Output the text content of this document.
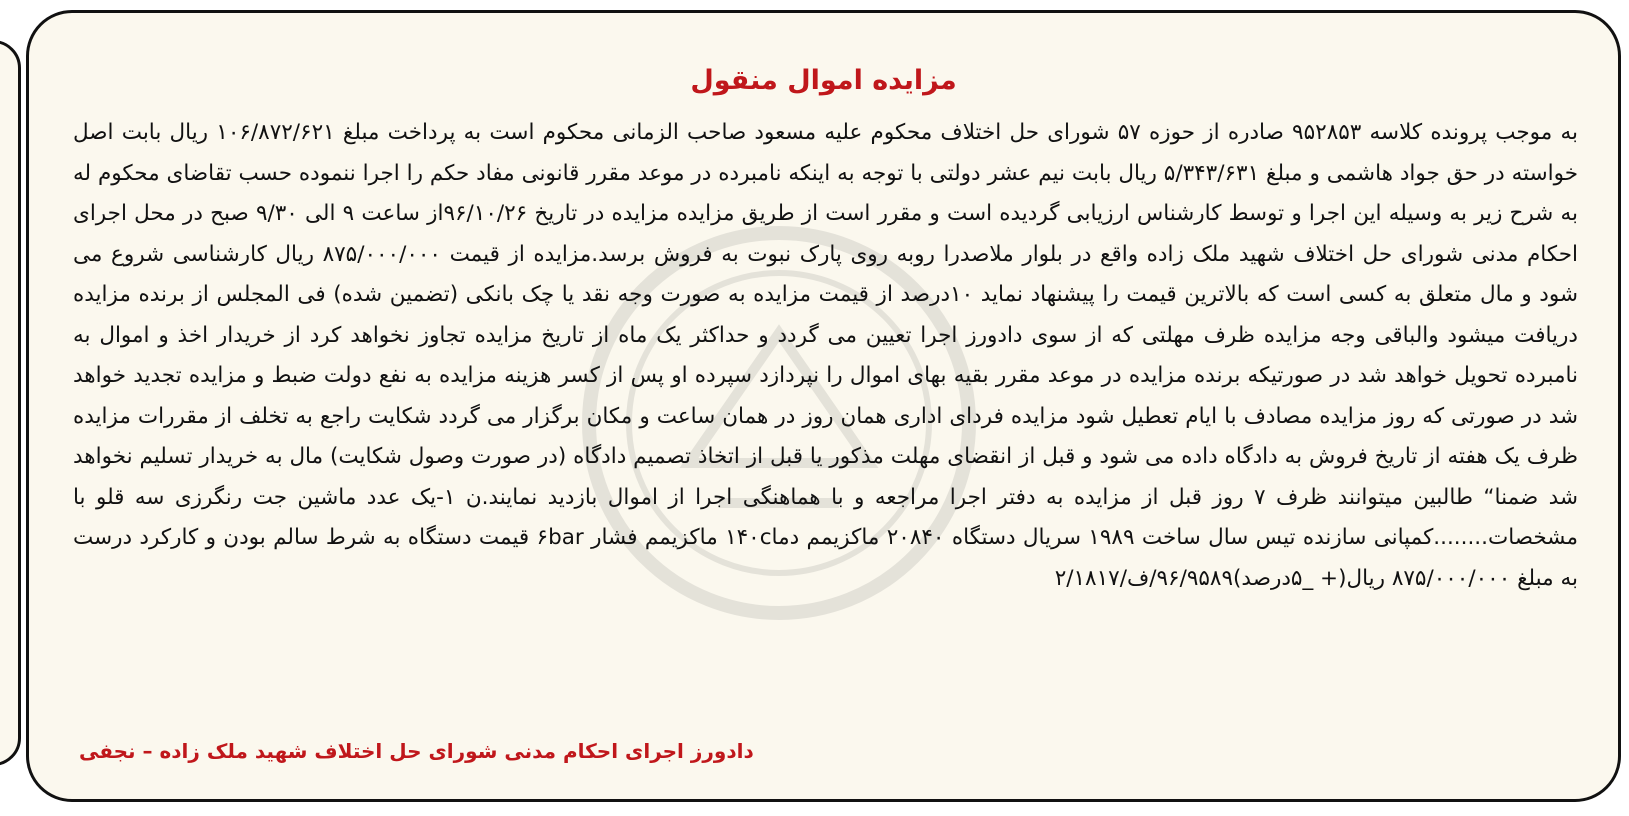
مزایده اموال منقول

به موجب پرونده کلاسه ۹۵۲۸۵۳ صادره از حوزه ۵۷ شورای حل اختلاف محکوم علیه مسعود صاحب الزمانی محکوم است به پرداخت مبلغ ۱۰۶/۸۷۲/۶۲۱ ریال بابت اصل خواسته در حق جواد هاشمی و مبلغ ۵/۳۴۳/۶۳۱ ریال بابت نیم عشر دولتی با توجه به اینکه نامبرده در موعد مقرر قانونی مفاد حکم را اجرا ننموده حسب تقاضای محکوم له به شرح زیر به وسیله این اجرا و توسط کارشناس ارزیابی گردیده است و مقرر است از طریق مزایده مزایده در تاریخ ۹۶/۱۰/۲۶از ساعت ۹ الی ۹/۳۰ صبح در محل اجرای احکام مدنی شورای حل اختلاف شهید ملک زاده واقع در بلوار ملاصدرا روبه روی پارک نبوت به فروش برسد.مزایده از قیمت ۸۷۵/۰۰۰/۰۰۰ ریال کارشناسی شروع می شود و مال متعلق به کسی است که بالاترین قیمت را پیشنهاد نماید ۱۰درصد از قیمت مزایده به صورت وجه نقد یا چک بانکی (تضمین شده) فی المجلس از برنده مزایده دریافت میشود والباقی وجه مزایده ظرف مهلتی که از سوی دادورز اجرا تعیین می گردد و حداکثر یک ماه از تاریخ مزایده تجاوز نخواهد کرد از خریدار اخذ و اموال به نامبرده تحویل خواهد شد در صورتیکه برنده مزایده در موعد مقرر بقیه بهای اموال را نپردازد سپرده او پس از کسر هزینه مزایده به نفع دولت ضبط و مزایده تجدید خواهد شد در صورتی که روز مزایده مصادف با ایام تعطیل شود مزایده فردای اداری همان روز در همان ساعت و مکان برگزار می گردد شکایت راجع به تخلف از مقررات مزایده ظرف یک هفته از تاریخ فروش به دادگاه داده می شود و قبل از انقضای مهلت مذکور یا قبل از اتخاذ تصمیم دادگاه (در صورت وصول شکایت) مال به خریدار تسلیم نخواهد شد ضمنا“ طالبین میتوانند ظرف ۷ روز قبل از مزایده به دفتر اجرا مراجعه و با هماهنگی اجرا از اموال بازدید نمایند.ن ۱-یک عدد ماشین جت رنگرزی سه قلو با مشخصات........کمپانی سازنده تیس سال ساخت ۱۹۸۹ سریال دستگاه ۲۰۸۴۰ ماکزیمم دما۱۴۰c ماکزیمم فشار ۶bar قیمت دستگاه به شرط سالم بودن و کارکرد درست به مبلغ ۸۷۵/۰۰۰/۰۰۰ ریال(+ _۵درصد)۹۶/۹۵۸۹/ف/۲/۱۸۱۷

دادورز اجرای احکام مدنی شورای حل اختلاف شهید ملک زاده – نجفی
